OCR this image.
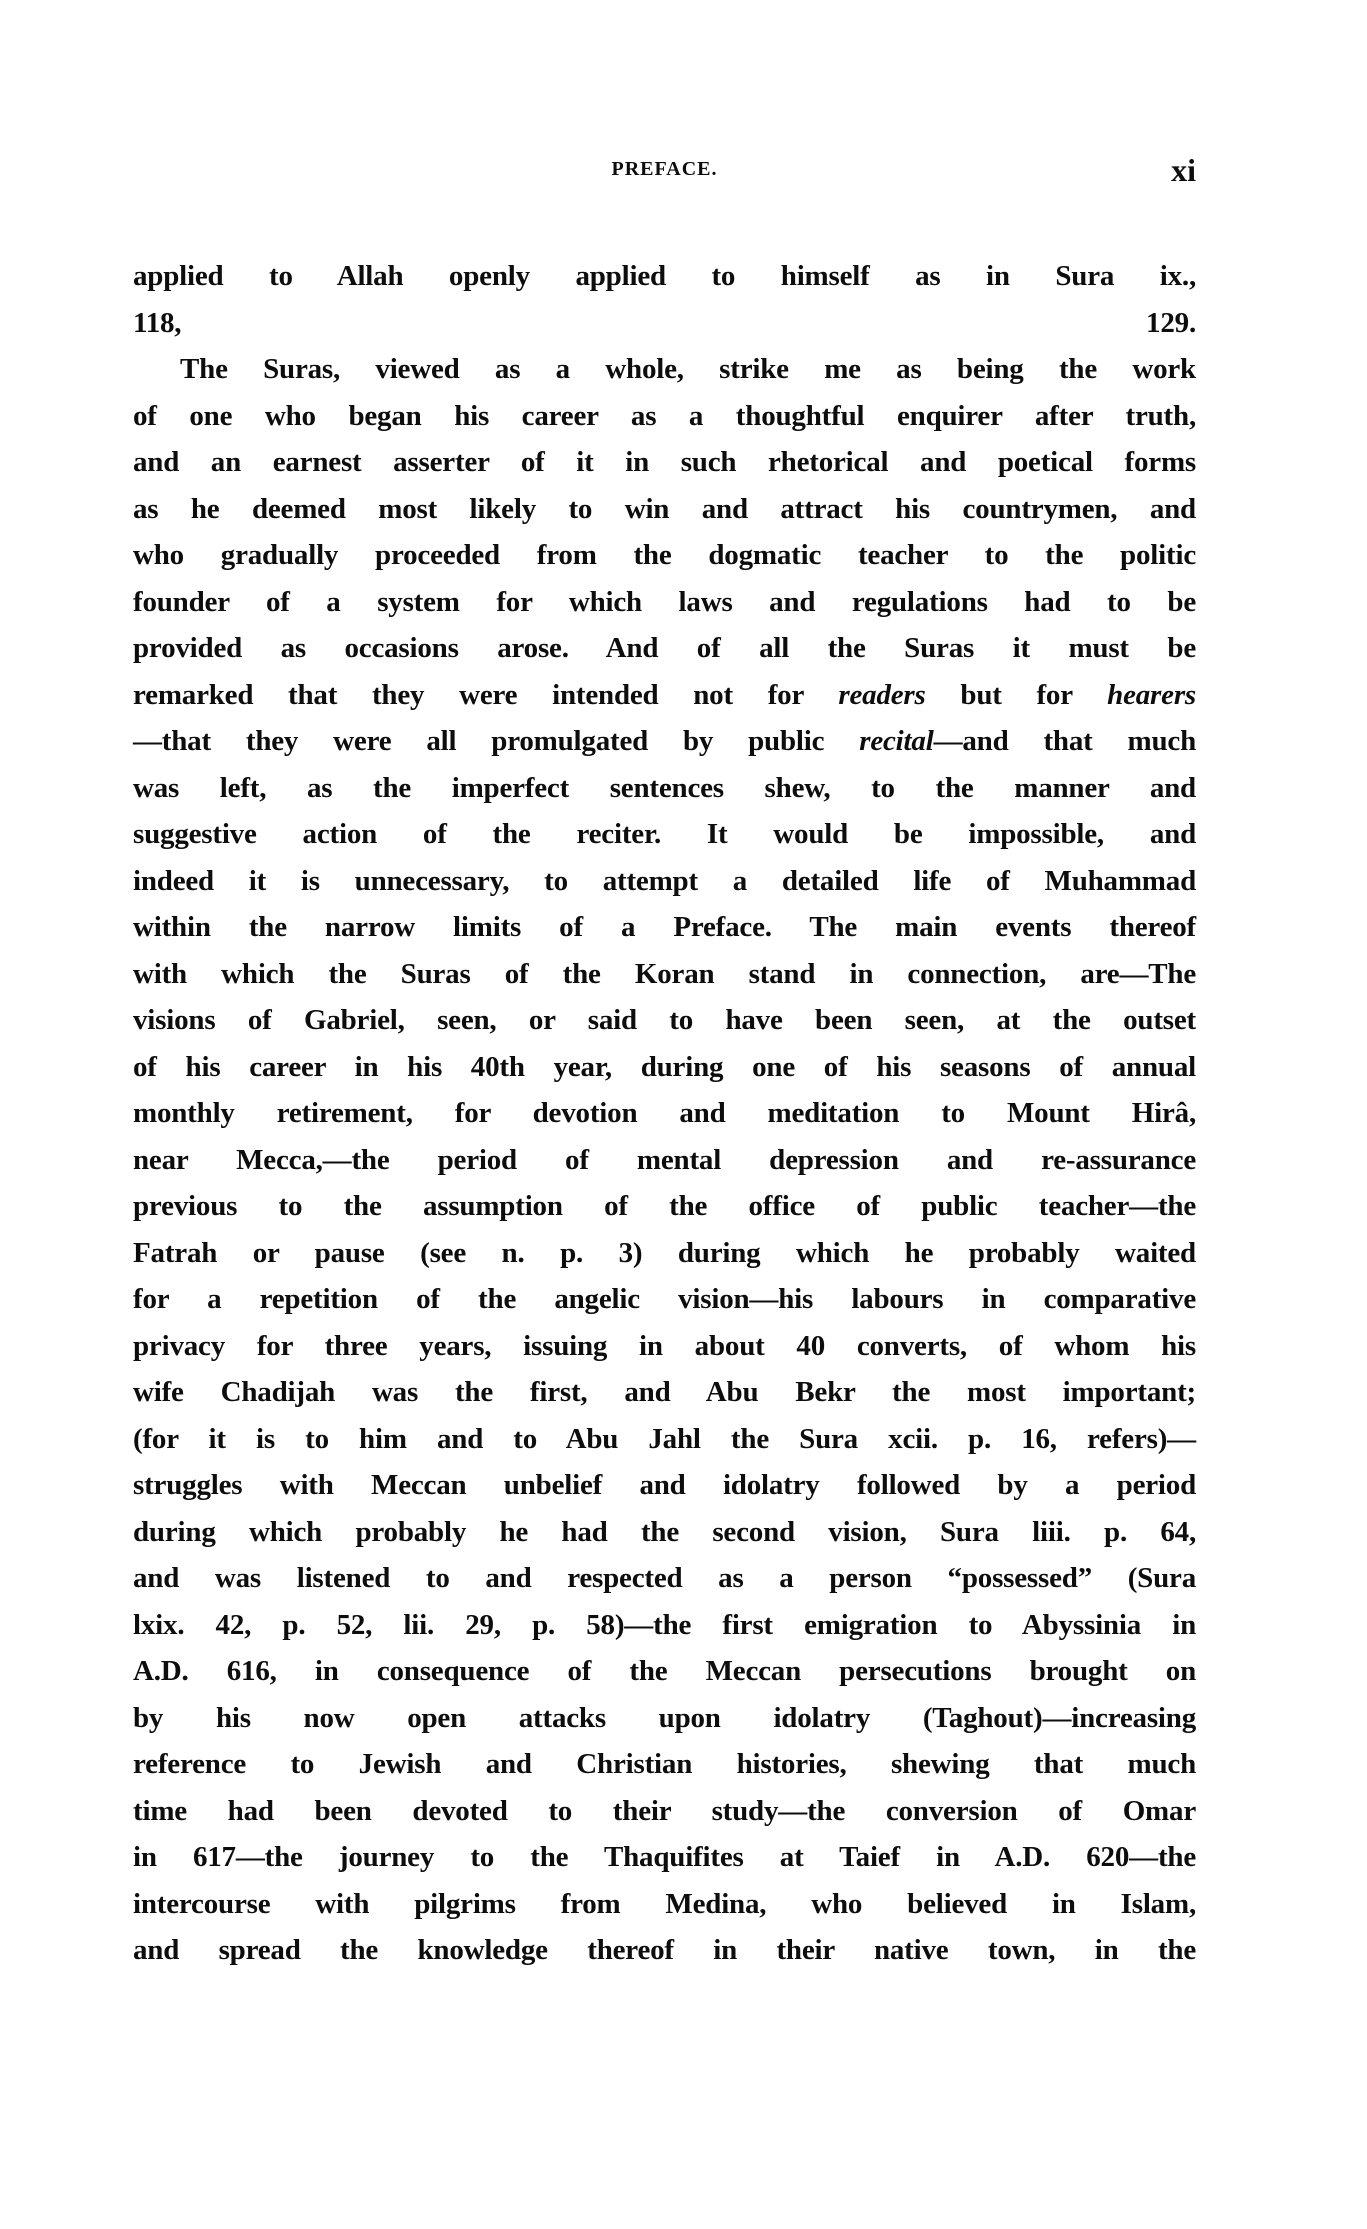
PREFACE.	xi
applied to Allah openly applied to himself as in Sura ix.,
118, 129.
The Suras, viewed as a whole, strike me as being the work
of one who began his career as a thoughtful enquirer after truth,
and an earnest asserter of it in such rhetorical and poetical forms
as he deemed most likely to win and attract his countrymen, and
who gradually proceeded from the dogmatic teacher to the politic
founder of a system for which laws and regulations had to be
provided as occasions arose. And of all the Suras it must be
remarked that they were intended not for readers but for hearers
—that they were all promulgated by public recital—and that much
was left, as the imperfect sentences shew, to the manner and
suggestive action of the reciter. It would be impossible, and
indeed it is unnecessary, to attempt a detailed life of Muhammad
within the narrow limits of a Preface. The main events thereof
with which the Suras of the Koran stand in connection, are—The
visions of Gabriel, seen, or said to have been seen, at the outset
of his career in his 40th year, during one of his seasons of annual
monthly retirement, for devotion and meditation to Mount Hirâ,
near Mecca,—the period of mental depression and re-assurance
previous to the assumption of the office of public teacher—the
Fatrah or pause (see n. p. 3) during which he probably waited
for a repetition of the angelic vision—his labours in comparative
privacy for three years, issuing in about 40 converts, of whom his
wife Chadijah was the first, and Abu Bekr the most important;
(for it is to him and to Abu Jahl the Sura xcii. p. 16, refers)—
struggles with Meccan unbelief and idolatry followed by a period
during which probably he had the second vision, Sura liii. p. 64,
and was listened to and respected as a person “possessed” (Sura
lxix. 42, p. 52, lii. 29, p. 58)—the first emigration to Abyssinia in
A.D. 616, in consequence of the Meccan persecutions brought on
by his now open attacks upon idolatry (Taghout)—increasing
reference to Jewish and Christian histories, shewing that much
time had been devoted to their study—the conversion of Omar
in 617—the journey to the Thaquifites at Taief in A.D. 620—the
intercourse with pilgrims from Medina, who believed in Islam,
and spread the knowledge thereof in their native town, in the
